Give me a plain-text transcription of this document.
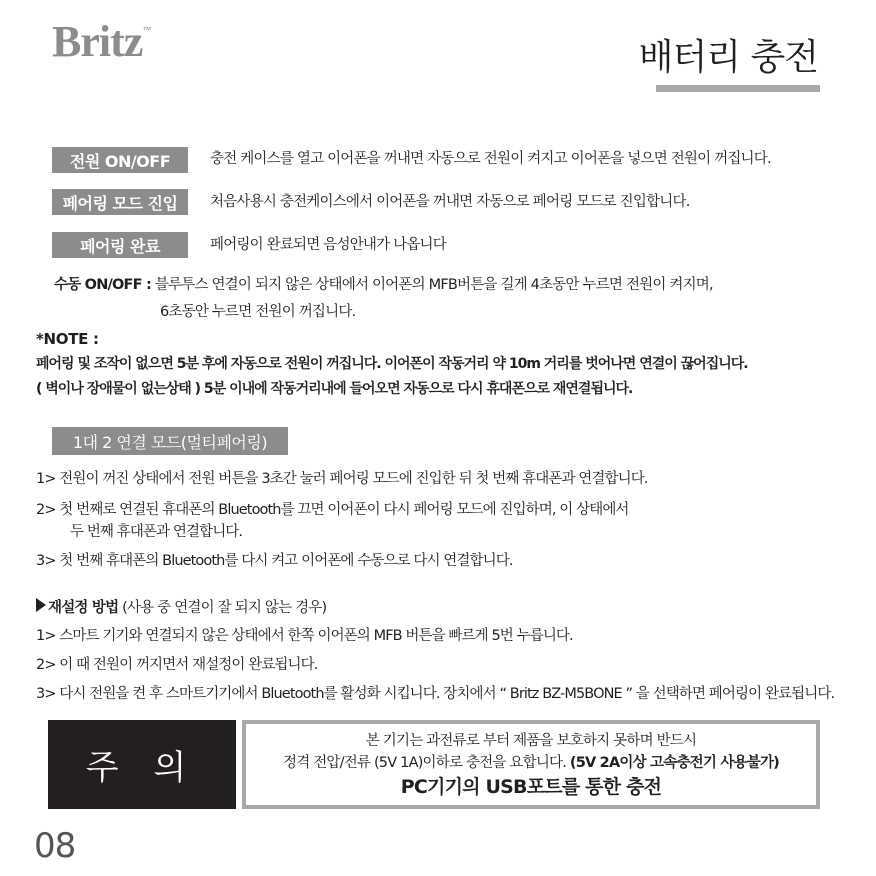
Britz™
배터리 충전
전원 ON/OFF	충전 케이스를 열고 이어폰을 꺼내면 자동으로 전원이 켜지고 이어폰을 넣으면 전원이 꺼집니다.
페어링 모드 진입	처음사용시 충전케이스에서 이어폰을 꺼내면 자동으로 페어링 모드로 진입합니다.
페어링 완료	페어링이 완료되면 음성안내가 나옵니다
수동 ON/OFF : 블루투스 연결이 되지 않은 상태에서 이어폰의 MFB버튼을 길게 4초동안 누르면 전원이 켜지며,
6초동안 누르면 전원이 꺼집니다.
*NOTE :
페어링 및 조작이 없으면 5분 후에 자동으로 전원이 꺼집니다. 이어폰이 작동거리 약 10m 거리를 벗어나면 연결이 끊어집니다.
( 벽이나 장애물이 없는상태 ) 5분 이내에 작동거리내에 들어오면 자동으로 다시 휴대폰으로 재연결됩니다.
1대 2 연결 모드(멀티페어링)
1> 전원이 꺼진 상태에서 전원 버튼을 3초간 눌러 페어링 모드에 진입한 뒤 첫 번째 휴대폰과 연결합니다.
2> 첫 번째로 연결된 휴대폰의 Bluetooth를 끄면 이어폰이 다시 페어링 모드에 진입하며, 이 상태에서
두 번째 휴대폰과 연결합니다.
3> 첫 번째 휴대폰의 Bluetooth를 다시 켜고 이어폰에 수동으로 다시 연결합니다.
재설정 방법 (사용 중 연결이 잘 되지 않는 경우)
1> 스마트 기기와 연결되지 않은 상태에서 한쪽 이어폰의 MFB 버튼을 빠르게 5번 누릅니다.
2> 이 때 전원이 꺼지면서 재설정이 완료됩니다.
3> 다시 전원을 켠 후 스마트기기에서 Bluetooth를 활성화 시킵니다. 장치에서 “ Britz BZ-M5BONE ” 을 선택하면 페어링이 완료됩니다.
주 의
본 기기는 과전류로 부터 제품을 보호하지 못하며 반드시
정격 전압/전류 (5V 1A)이하로 충전을 요합니다. (5V 2A이상 고속충전기 사용불가)
PC기기의 USB포트를 통한 충전
08
